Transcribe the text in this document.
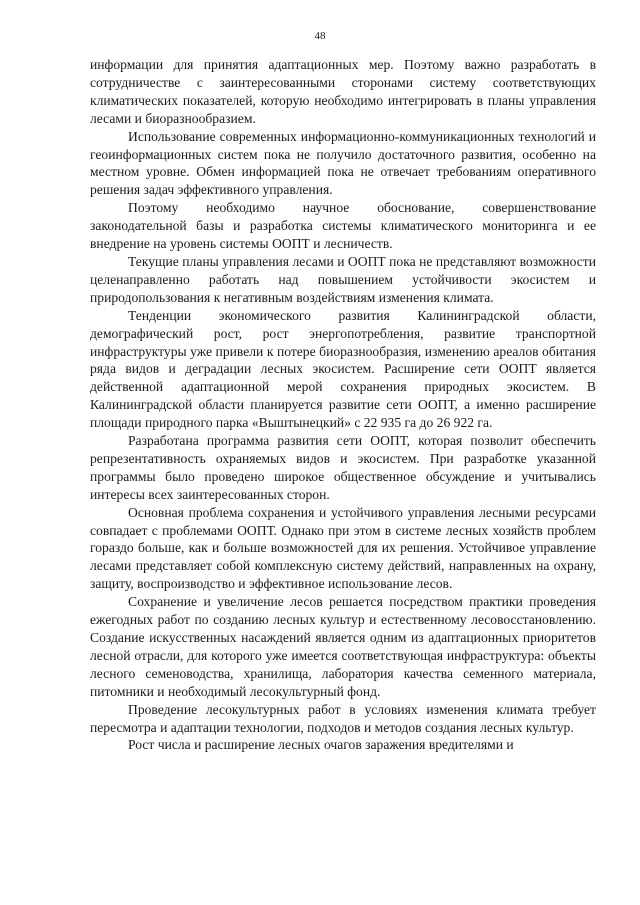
48

информации для принятия адаптационных мер. Поэтому важно разработать в сотрудничестве с заинтересованными сторонами систему соответствующих климатических показателей, которую необходимо интегрировать в планы управления лесами и биоразнообразием.

Использование современных информационно-коммуникационных технологий и геоинформационных систем пока не получило достаточного развития, особенно на местном уровне. Обмен информацией пока не отвечает требованиям оперативного решения задач эффективного управления.

Поэтому необходимо научное обоснование, совершенствование законодательной базы и разработка системы климатического мониторинга и ее внедрение на уровень системы ООПТ и лесничеств.

Текущие планы управления лесами и ООПТ пока не представляют возможности целенаправленно работать над повышением устойчивости экосистем и природопользования к негативным воздействиям изменения климата.

Тенденции экономического развития Калининградской области, демографический рост, рост энергопотребления, развитие транспортной инфраструктуры уже привели к потере биоразнообразия, изменению ареалов обитания ряда видов и деградации лесных экосистем. Расширение сети ООПТ является действенной адаптационной мерой сохранения природных экосистем. В Калининградской области планируется развитие сети ООПТ, а именно расширение площади природного парка «Выштынецкий» с 22 935 га до 26 922 га.

Разработана программа развития сети ООПТ, которая позволит обеспечить репрезентативность охраняемых видов и экосистем. При разработке указанной программы было проведено широкое общественное обсуждение и учитывались интересы всех заинтересованных сторон.

Основная проблема сохранения и устойчивого управления лесными ресурсами совпадает с проблемами ООПТ. Однако при этом в системе лесных хозяйств проблем гораздо больше, как и больше возможностей для их решения. Устойчивое управление лесами представляет собой комплексную систему действий, направленных на охрану, защиту, воспроизводство и эффективное использование лесов.

Сохранение и увеличение лесов решается посредством практики проведения ежегодных работ по созданию лесных культур и естественному лесовосстановлению. Создание искусственных насаждений является одним из адаптационных приоритетов лесной отрасли, для которого уже имеется соответствующая инфраструктура: объекты лесного семеноводства, хранилища, лаборатория качества семенного материала, питомники и необходимый лесокультурный фонд.

Проведение лесокультурных работ в условиях изменения климата требует пересмотра и адаптации технологии, подходов и методов создания лесных культур.

Рост числа и расширение лесных очагов заражения вредителями и
